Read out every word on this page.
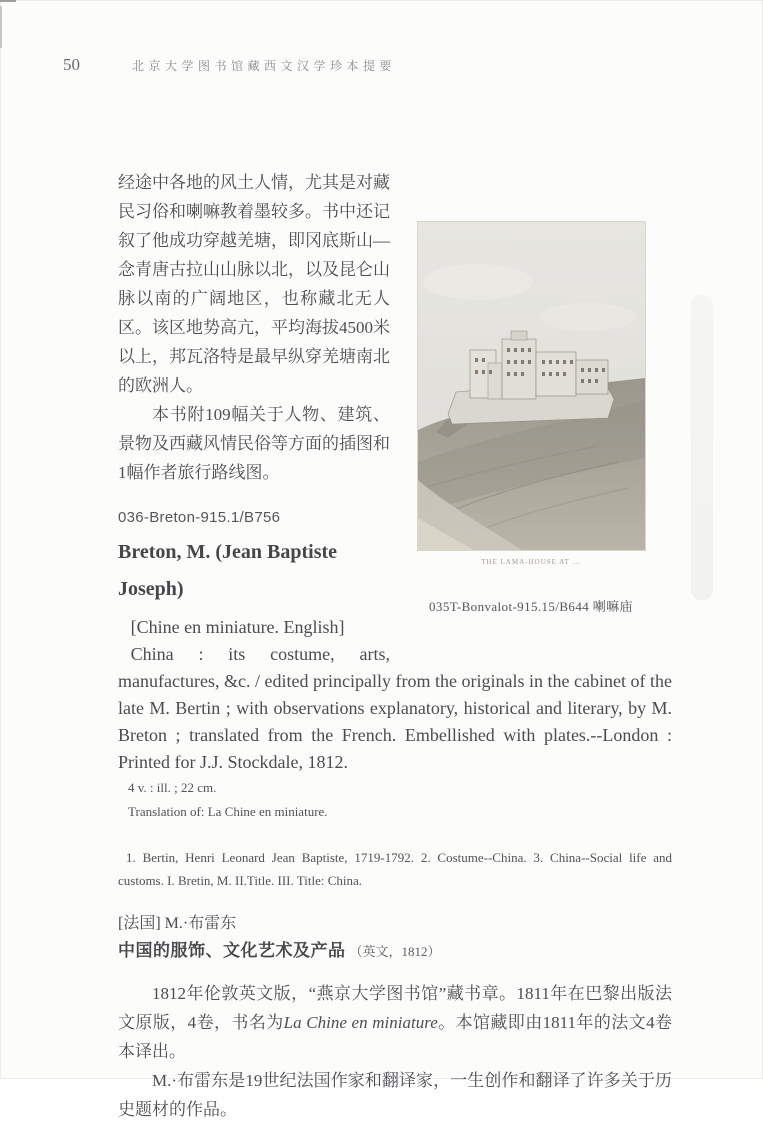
50	北京大学图书馆藏西文汉学珍本提要
THE LAMA-HOUSE AT ...
035T-Bonvalot-915.15/B644 喇嘛庙

经途中各地的风土人情，尤其是对藏民习俗和喇嘛教着墨较多。书中还记叙了他成功穿越羌塘，即冈底斯山—念青唐古拉山山脉以北，以及昆仑山脉以南的广阔地区，也称藏北无人区。该区地势高亢，平均海拔4500米以上，邦瓦洛特是最早纵穿羌塘南北的欧洲人。

本书附109幅关于人物、建筑、景物及西藏风情民俗等方面的插图和1幅作者旅行路线图。

036-Breton-915.1/B756
Breton, M. (Jean Baptiste Joseph)

[Chine en miniature. English]

China : its costume, arts, manufactures, &c. / edited principally from the originals in the cabinet of the late M. Bertin ; with observations explanatory, historical and literary, by M. Breton ; translated from the French. Embellished with plates.--London : Printed for J.J. Stockdale, 1812.

4 v. : ill. ; 22 cm.

Translation of: La Chine en miniature.

1. Bertin, Henri Leonard Jean Baptiste, 1719-1792. 2. Costume--China. 3. China--Social life and customs. I. Bretin, M. II.Title. III. Title: China.

[法国] M.·布雷东

中国的服饰、文化艺术及产品 （英文，1812）

1812年伦敦英文版，“燕京大学图书馆”藏书章。1811年在巴黎出版法文原版，4卷，书名为La Chine en miniature。本馆藏即由1811年的法文4卷本译出。

M.·布雷东是19世纪法国作家和翻译家，一生创作和翻译了许多关于历史题材的作品。
